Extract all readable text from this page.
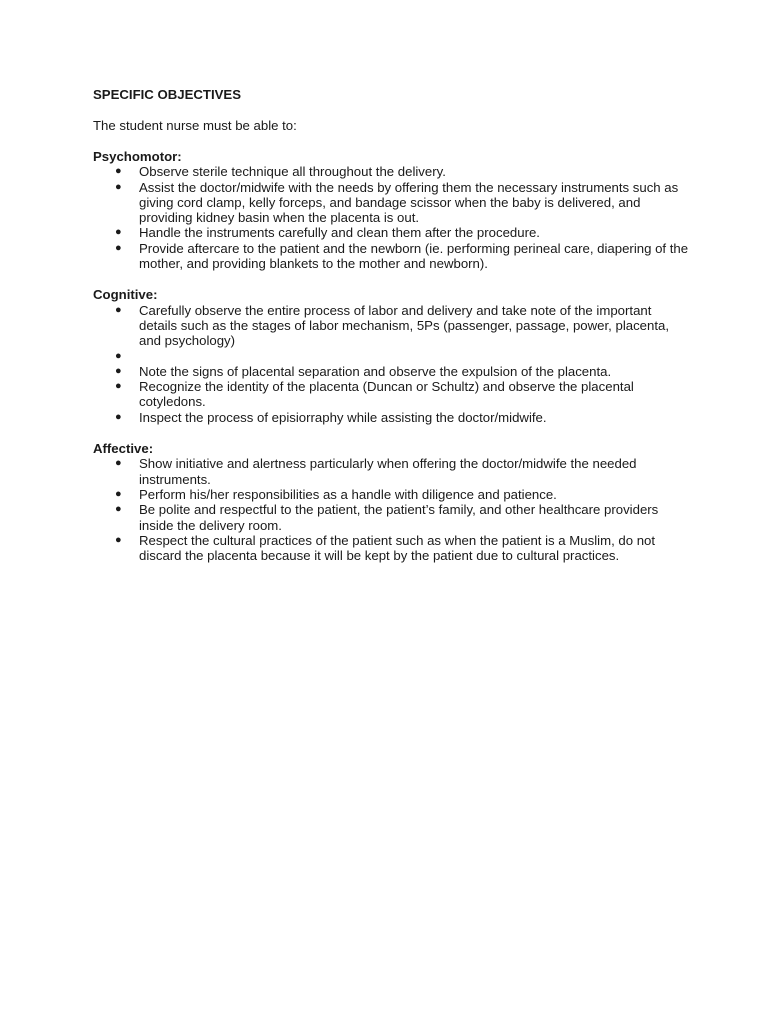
SPECIFIC OBJECTIVES

The student nurse must be able to:

Psychomotor:

● Observe sterile technique all throughout the delivery.
● Assist the doctor/midwife with the needs by offering them the necessary instruments such as giving cord clamp, kelly forceps, and bandage scissor when the baby is delivered, and providing kidney basin when the placenta is out.
● Handle the instruments carefully and clean them after the procedure.
● Provide aftercare to the patient and the newborn (ie. performing perineal care, diapering of the mother, and providing blankets to the mother and newborn).

Cognitive:

● Carefully observe the entire process of labor and delivery and take note of the important details such as the stages of labor mechanism, 5Ps (passenger, passage, power, placenta, and psychology)
●
● Note the signs of placental separation and observe the expulsion of the placenta.
● Recognize the identity of the placenta (Duncan or Schultz) and observe the placental cotyledons.
● Inspect the process of episiorraphy while assisting the doctor/midwife.

Affective:

● Show initiative and alertness particularly when offering the doctor/midwife the needed instruments.
● Perform his/her responsibilities as a handle with diligence and patience.
● Be polite and respectful to the patient, the patient’s family, and other healthcare providers inside the delivery room.
● Respect the cultural practices of the patient such as when the patient is a Muslim, do not discard the placenta because it will be kept by the patient due to cultural practices.
